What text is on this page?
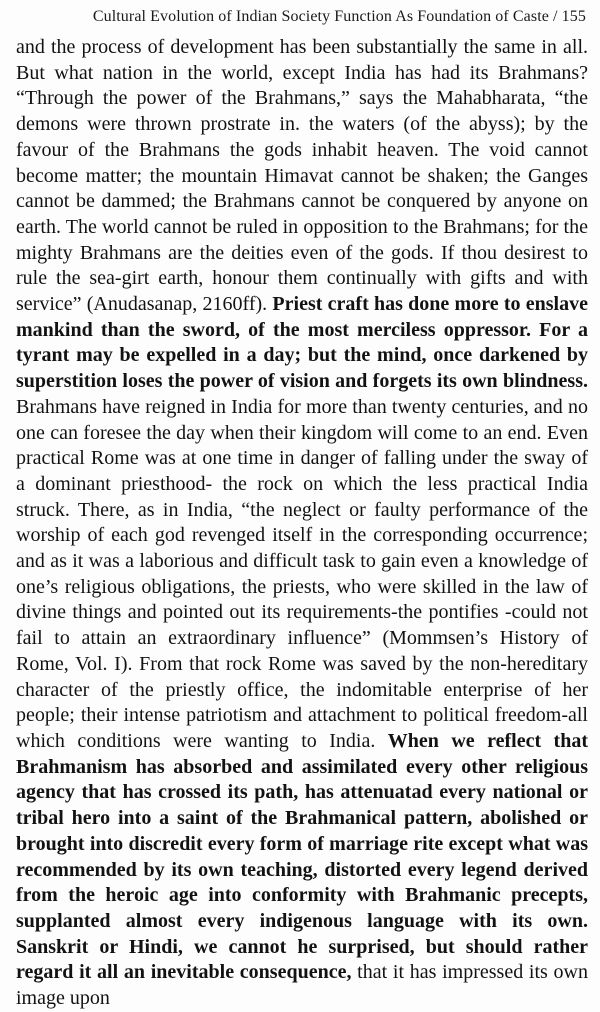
Cultural Evolution of Indian Society Function As Foundation of Caste / 155
and the process of development has been substantially the same in all. But what nation in the world, except India has had its Brahmans? “Through the power of the Brahmans,” says the Mahabharata, “the demons were thrown prostrate in. the waters (of the abyss); by the favour of the Brahmans the gods inhabit heaven. The void cannot become matter; the mountain Himavat cannot be shaken; the Ganges cannot be dammed; the Brahmans cannot be conquered by anyone on earth. The world cannot be ruled in opposition to the Brahmans; for the mighty Brahmans are the deities even of the gods. If thou desirest to rule the sea-girt earth, honour them continually with gifts and with service” (Anudasanap, 2160ff). Priest craft has done more to enslave mankind than the sword, of the most merciless oppressor. For a tyrant may be expelled in a day; but the mind, once darkened by superstition loses the power of vision and forgets its own blindness. Brahmans have reigned in India for more than twenty centuries, and no one can foresee the day when their kingdom will come to an end. Even practical Rome was at one time in danger of falling under the sway of a dominant priesthood- the rock on which the less practical India struck. There, as in India, “the neglect or faulty performance of the worship of each god revenged itself in the corresponding occurrence; and as it was a laborious and difficult task to gain even a knowledge of one’s religious obligations, the priests, who were skilled in the law of divine things and pointed out its requirements-the pontifies -could not fail to attain an extraordinary influence” (Mommsen’s History of Rome, Vol. I). From that rock Rome was saved by the non-hereditary character of the priestly office, the indomitable enterprise of her people; their intense patriotism and attachment to political freedom-all which conditions were wanting to India. When we reflect that Brahmanism has absorbed and assimilated every other religious agency that has crossed its path, has attenuatad every national or tribal hero into a saint of the Brahmanical pattern, abolished or brought into discredit every form of marriage rite except what was recommended by its own teaching, distorted every legend derived from the heroic age into conformity with Brahmanic precepts, supplanted almost every indigenous language with its own. Sanskrit or Hindi, we cannot he surprised, but should rather regard it all an inevitable consequence, that it has impressed its own image upon
